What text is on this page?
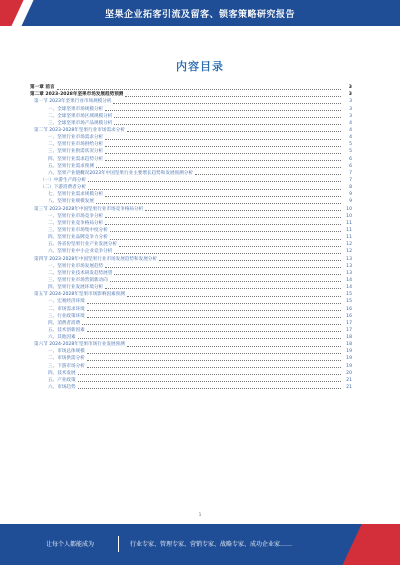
坚果企业拓客引流及留客、锁客策略研究报告
内容目录
第一章 前言	3
第二章 2023-2028年坚果市场发展趋势预测	3
第一节 2023年坚果行业市场规模分析	3
一、全球坚果市场规模分析	3
二、全球坚果市场区域规模分析	3
三、全球坚果市场产品规模分析	4
第二节 2023-2028年坚果行业市场需求分析	4
一、坚果行业市场需求分析	4
二、坚果行业市场供给分析	5
三、坚果行业供需状况分析	5
四、坚果行业需求趋势分析	6
五、坚果行业需求预测	6
六、坚果产业链概况2023年中国坚果行业主要增长趋势和发展预测分析	7
（一）中游生产商分析	7
（二）下游消费者分析	8
七、坚果行业需求规模分析	9
八、坚果行业规模发展	9
第三节 2023-2028年中国坚果行业市场竞争格局分析	10
一、坚果行业市场竞争分析	10
二、坚果行业竞争格局分析	11
三、坚果行业市场集中度分析	11
四、坚果行业品牌竞争力分析	11
五、各省份坚果行业产业发展分析	12
六、坚果行业中小企业竞争分析	12
第四节 2023-2028年中国坚果行业市场发展趋势和发展分析	13
一、坚果行业市场发展趋势	13
二、坚果行业技术研发趋势展望	13
三、坚果行业市场营销新动向	14
四、坚果行业发展环境分析	14
第五节 2024-2028年坚果市场影响因素预测	15
一、宏观经济环境	15
二、市场需求环境	16
三、行业政策环境	16
四、消费者消费	17
五、技术创新因素	17
六、其他因素	18
第六节 2024-2028年坚果市场行业发展预测	18
一、市场总体规模	19
二、市场供需分析	19
三、下游市场分析	19
四、技术发展	20
五、产业政策	21
六、市场趋势	21
1
让每个人都能成为	行业专家、管理专家、营销专家、战略专家、成功企业家……
